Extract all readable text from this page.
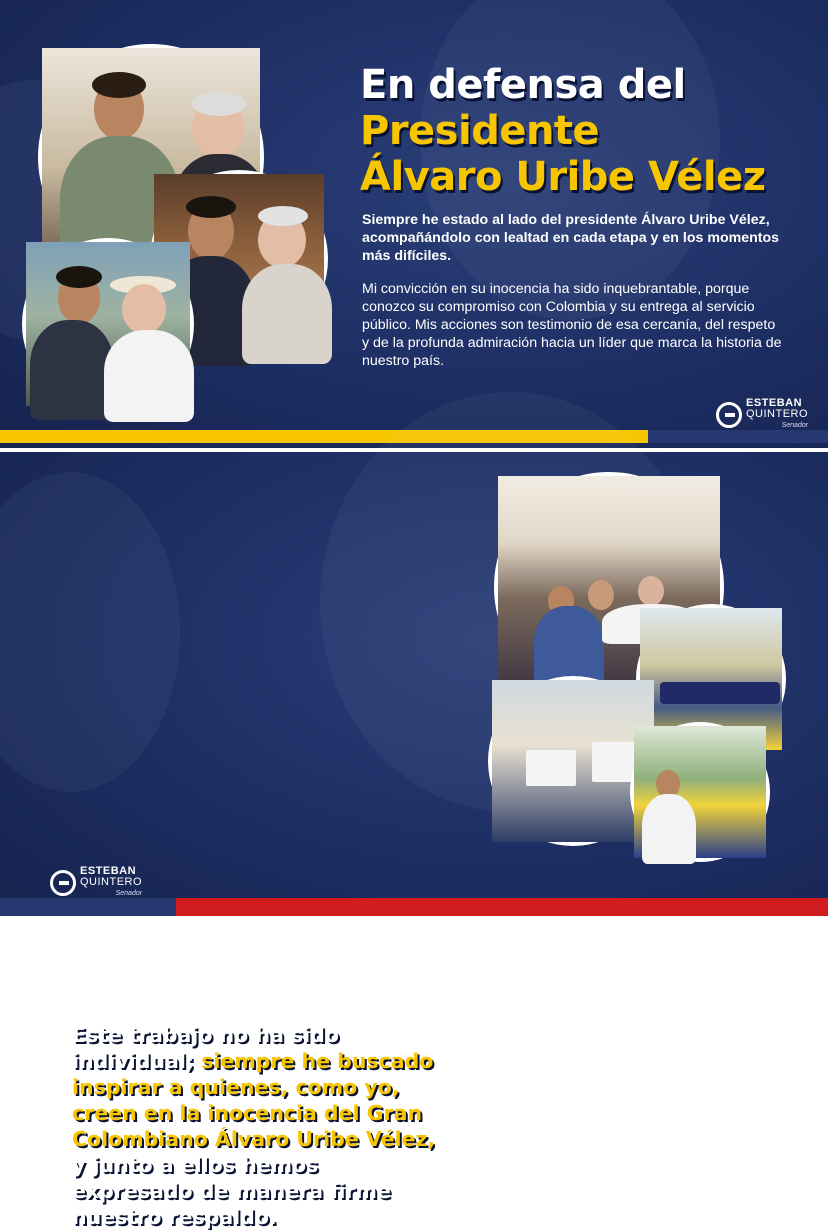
En defensa del
Presidente
Álvaro Uribe Vélez

Siempre he estado al lado del presidente Álvaro Uribe Vélez, acompañándolo con lealtad en cada etapa y en los momentos más difíciles.

Mi convicción en su inocencia ha sido inquebrantable, porque conozco su compromiso con Colombia y su entrega al servicio público. Mis acciones son testimonio de esa cercanía, del respeto y de la profunda admiración hacia un líder que marca la historia de nuestro país.

ESTEBAN
QUINTERO
Senador

Este trabajo no ha sido
individual; siempre he buscado
inspirar a quienes, como yo,
creen en la inocencia del Gran
Colombiano Álvaro Uribe Vélez,
y junto a ellos hemos
expresado de manera firme
nuestro respaldo.

ESTEBAN
QUINTERO
Senador
